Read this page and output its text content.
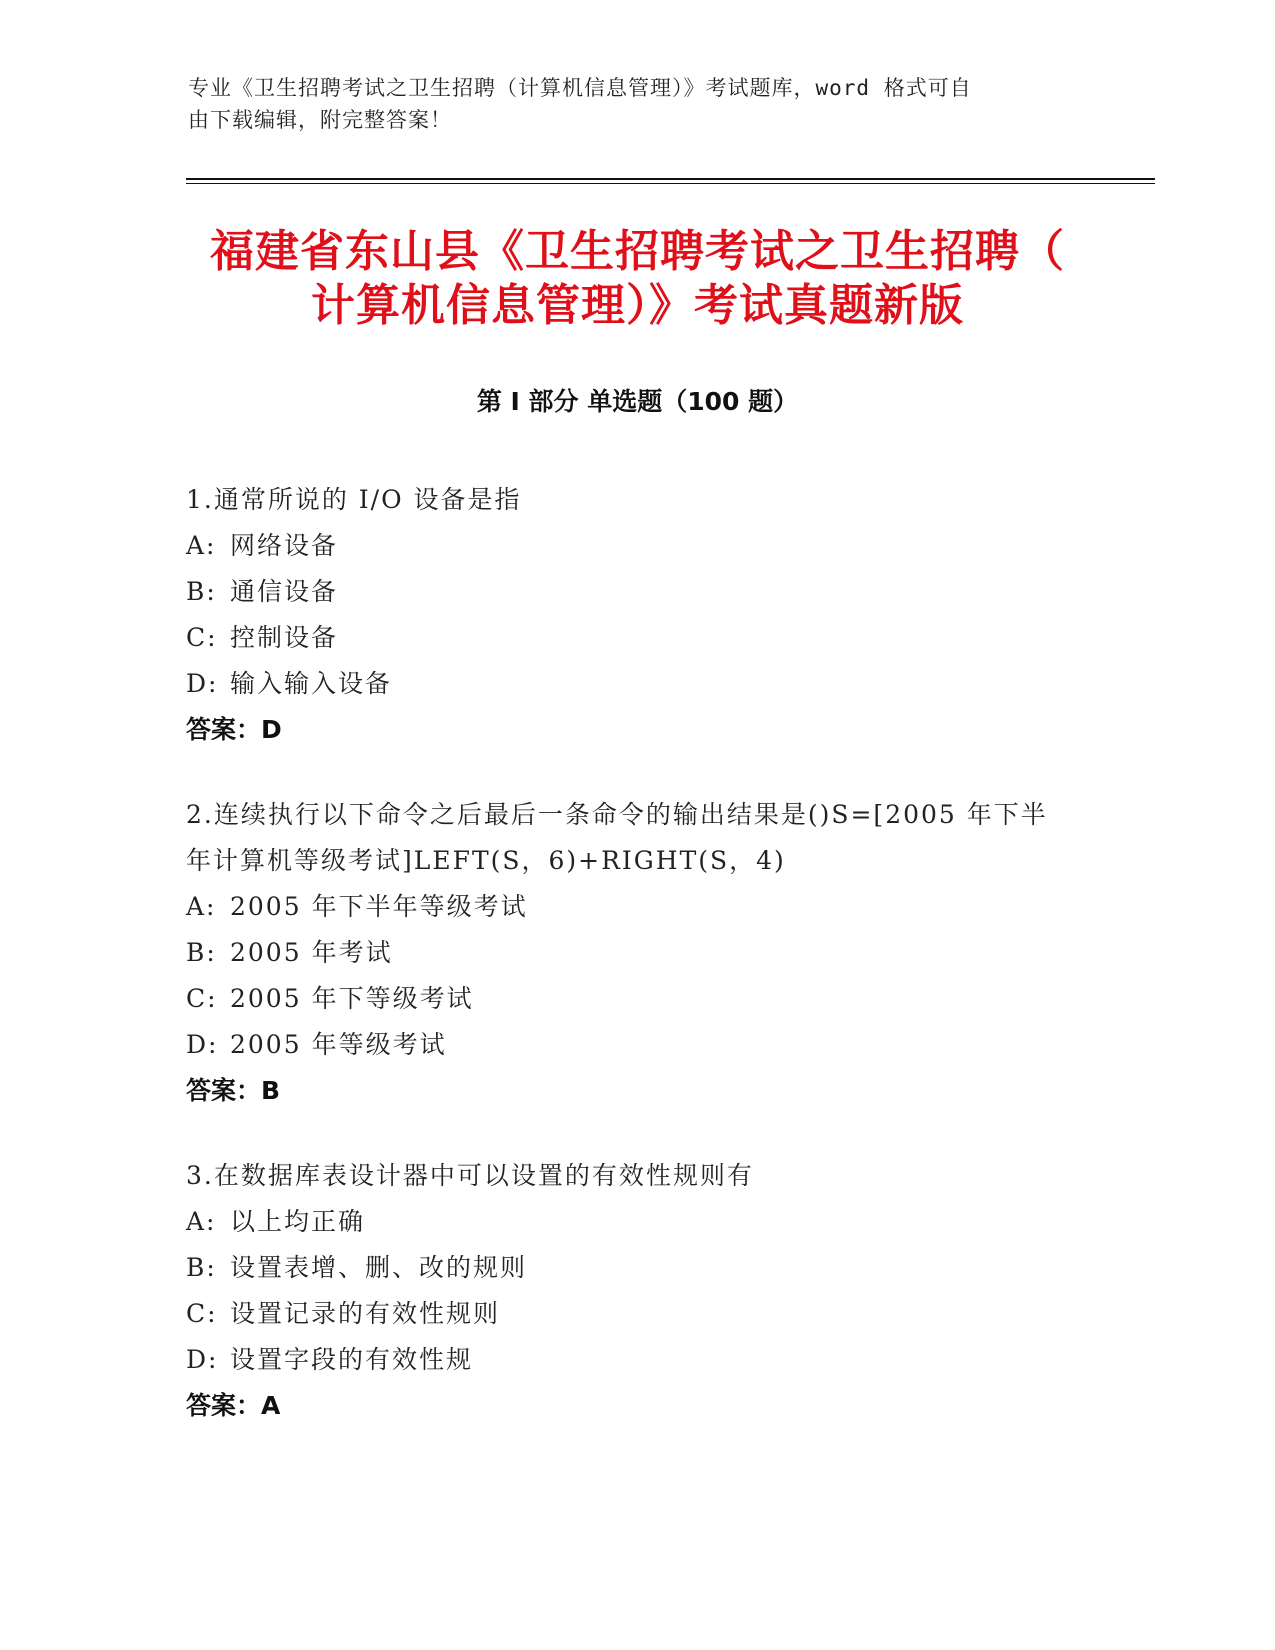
专业《卫生招聘考试之卫生招聘（计算机信息管理）》考试题库，word 格式可自
由下载编辑，附完整答案！
福建省东山县《卫生招聘考试之卫生招聘（
计算机信息管理）》考试真题新版
第 I 部分 单选题（100 题）
1.通常所说的 I/O 设备是指
A: 网络设备
B: 通信设备
C: 控制设备
D: 输入输入设备
答案：D
2.连续执行以下命令之后最后一条命令的输出结果是()S=[2005 年下半
年计算机等级考试]LEFT(S，6)+RIGHT(S，4)
A: 2005 年下半年等级考试
B: 2005 年考试
C: 2005 年下等级考试
D: 2005 年等级考试
答案：B
3.在数据库表设计器中可以设置的有效性规则有
A: 以上均正确
B: 设置表增、删、改的规则
C: 设置记录的有效性规则
D: 设置字段的有效性规
答案：A
